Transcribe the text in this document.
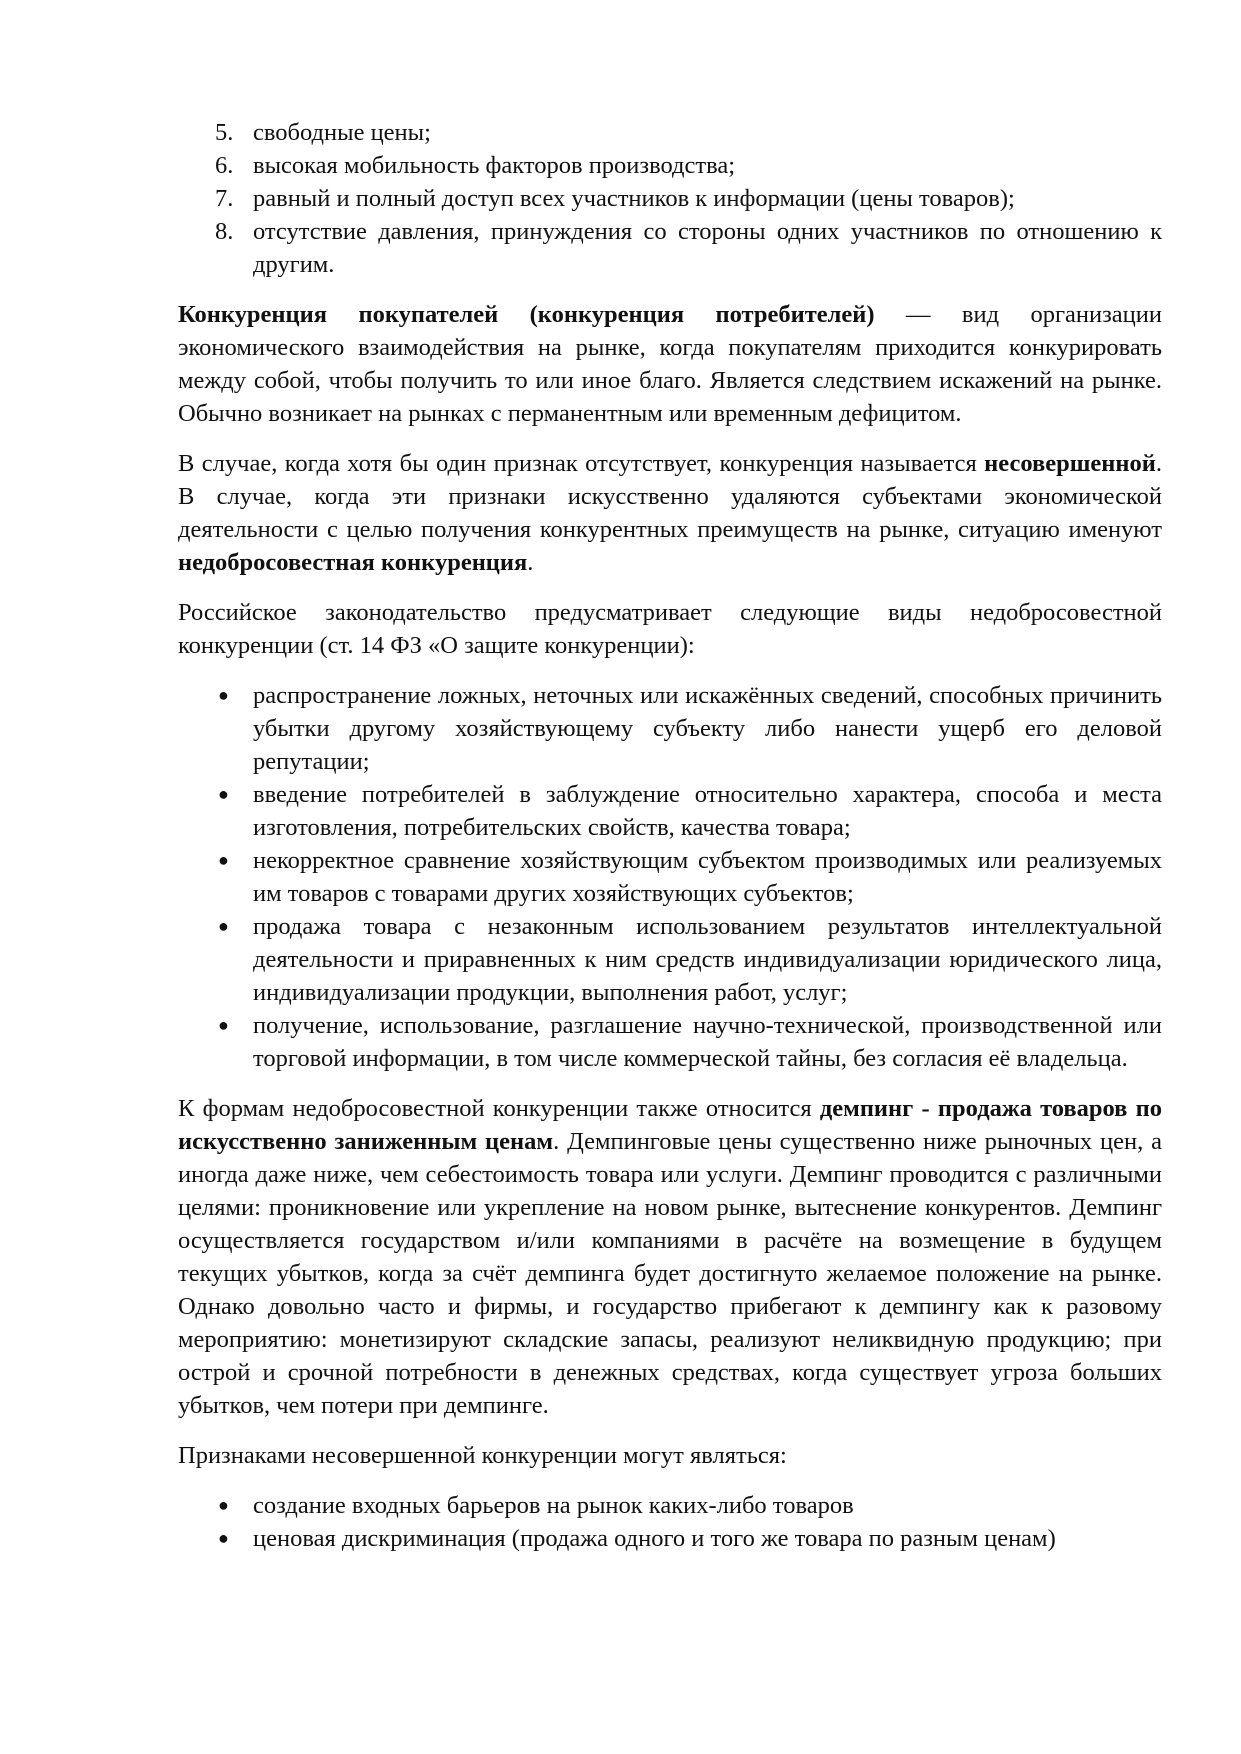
5. свободные цены;
6. высокая мобильность факторов производства;
7. равный и полный доступ всех участников к информации (цены товаров);
8. отсутствие давления, принуждения со стороны одних участников по отношению к другим.

Конкуренция покупателей (конкуренция потребителей) — вид организации экономического взаимодействия на рынке, когда покупателям приходится конкурировать между собой, чтобы получить то или иное благо. Является следствием искажений на рынке. Обычно возникает на рынках с перманентным или временным дефицитом.

В случае, когда хотя бы один признак отсутствует, конкуренция называется несовершенной. В случае, когда эти признаки искусственно удаляются субъектами экономической деятельности с целью получения конкурентных преимуществ на рынке, ситуацию именуют недобросовестная конкуренция.

Российское законодательство предусматривает следующие виды недобросовестной конкуренции (ст. 14 ФЗ «О защите конкуренции):

● распространение ложных, неточных или искажённых сведений, способных причинить убытки другому хозяйствующему субъекту либо нанести ущерб его деловой репутации;
● введение потребителей в заблуждение относительно характера, способа и места изготовления, потребительских свойств, качества товара;
● некорректное сравнение хозяйствующим субъектом производимых или реализуемых им товаров с товарами других хозяйствующих субъектов;
● продажа товара с незаконным использованием результатов интеллектуальной деятельности и приравненных к ним средств индивидуализации юридического лица, индивидуализации продукции, выполнения работ, услуг;
● получение, использование, разглашение научно-технической, производственной или торговой информации, в том числе коммерческой тайны, без согласия её владельца.

К формам недобросовестной конкуренции также относится демпинг - продажа товаров по искусственно заниженным ценам. Демпинговые цены существенно ниже рыночных цен, а иногда даже ниже, чем себестоимость товара или услуги. Демпинг проводится с различными целями: проникновение или укрепление на новом рынке, вытеснение конкурентов. Демпинг осуществляется государством и/или компаниями в расчёте на возмещение в будущем текущих убытков, когда за счёт демпинга будет достигнуто желаемое положение на рынке. Однако довольно часто и фирмы, и государство прибегают к демпингу как к разовому мероприятию: монетизируют складские запасы, реализуют неликвидную продукцию; при острой и срочной потребности в денежных средствах, когда существует угроза больших убытков, чем потери при демпинге.

Признаками несовершенной конкуренции могут являться:

● создание входных барьеров на рынок каких-либо товаров
● ценовая дискриминация (продажа одного и того же товара по разным ценам)
